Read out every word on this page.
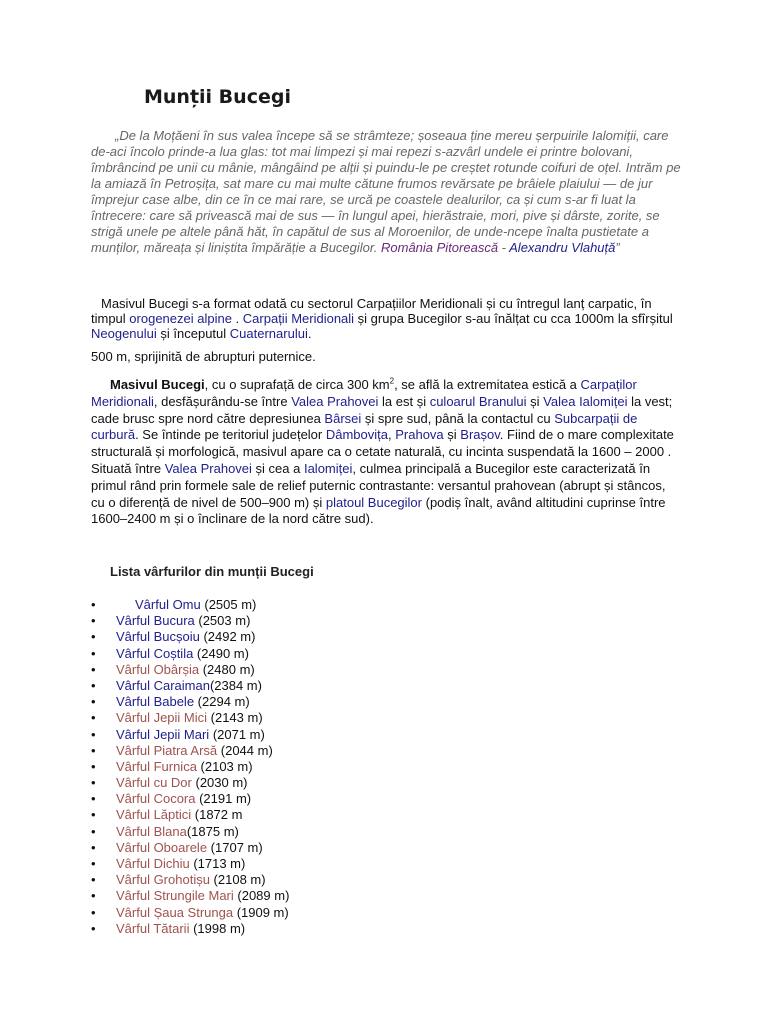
Munții Bucegi
„De la Moțăeni în sus valea începe să se strâmteze; șoseaua ține mereu șerpuirile Ialomiții, care de-aci încolo prinde-a lua glas: tot mai limpezi și mai repezi s-azvârl undele ei printre bolovani, îmbrâncind pe unii cu mânie, mângâind pe alții și puindu-le pe creștet rotunde coifuri de oțel. Intrăm pe la amiază în Petroșița, sat mare cu mai multe cătune frumos revărsate pe brâiele plaiului — de jur împrejur case albe, din ce în ce mai rare, se urcă pe coastele dealurilor, ca și cum s-ar fi luat la întrecere: care să privească mai de sus — în lungul apei, hierăstraie, mori, pive și dârste, zorite, se strigă unele pe altele până hăt, în capătul de sus al Moroenilor, de unde-ncepe înalta pustietate a munților, măreața și liniștita împărăție a Bucegilor. România Pitorească - Alexandru Vlahuță”
Masivul Bucegi s-a format odată cu sectorul Carpațiilor Meridionali și cu întregul lanț carpatic, în timpul orogenezei alpine . Carpații Meridionali și grupa Bucegilor s-au înălțat cu cca 1000m la sfîrșitul Neogenului și începutul Cuaternarului.
500 m, sprijinită de abrupturi puternice.
Masivul Bucegi, cu o suprafață de circa 300 $km^2$, se află la extremitatea estică a Carpaților Meridionali, desfășurându-se între Valea Prahovei la est și culoarul Branului și Valea Ialomiței la vest; cade brusc spre nord către depresiunea Bârsei și spre sud, până la contactul cu Subcarpații de curbură. Se întinde pe teritoriul județelor Dâmbovița, Prahova și Brașov. Fiind de o mare complexitate structurală și morfologică, masivul apare ca o cetate naturală, cu incinta suspendată la 1600 – 2000 . Situată între Valea Prahovei și cea a Ialomiței, culmea principală a Bucegilor este caracterizată în primul rând prin formele sale de relief puternic contrastante: versantul prahovean (abrupt și stâncos, cu o diferență de nivel de 500–900 m) și platoul Bucegilor (podiș înalt, având altitudini cuprinse între 1600–2400 m și o înclinare de la nord către sud).
Lista vârfurilor din munții Bucegi
•	Vârful Omu (2505 m)
• Vârful Bucura (2503 m)
• Vârful Bucșoiu (2492 m)
• Vârful Coștila (2490 m)
• Vârful Obârșia (2480 m)
• Vârful Caraiman(2384 m)
• Vârful Babele (2294 m)
• Vârful Jepii Mici (2143 m)
• Vârful Jepii Mari (2071 m)
• Vârful Piatra Arsă (2044 m)
• Vârful Furnica (2103 m)
• Vârful cu Dor (2030 m)
• Vârful Cocora (2191 m)
• Vârful Lăptici (1872 m
• Vârful Blana(1875 m)
• Vârful Oboarele (1707 m)
• Vârful Dichiu (1713 m)
• Vârful Grohotișu (2108 m)
• Vârful Strungile Mari (2089 m)
• Vârful Șaua Strunga (1909 m)
• Vârful Tătarii (1998 m)
